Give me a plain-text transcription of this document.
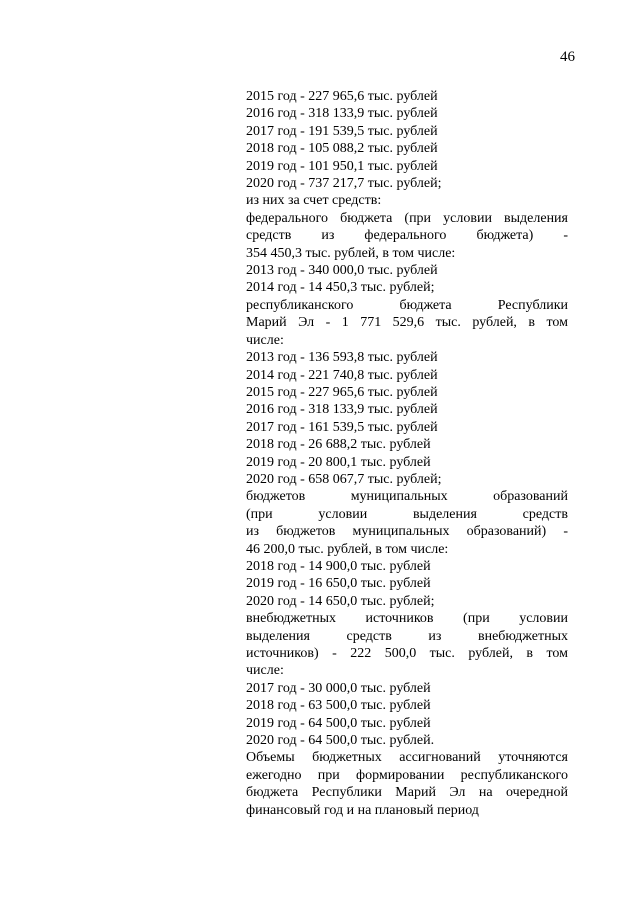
46
2015 год - 227 965,6 тыс. рублей
2016 год - 318 133,9 тыс. рублей
2017 год - 191 539,5 тыс. рублей
2018 год - 105 088,2 тыс. рублей
2019 год - 101 950,1 тыс. рублей
2020 год - 737 217,7 тыс. рублей;
из них за счет средств:
федерального бюджета (при условии выделения
средств из федерального бюджета) -
354 450,3 тыс. рублей, в том числе:
2013 год - 340 000,0 тыс. рублей
2014 год - 14 450,3 тыс. рублей;
республиканского бюджета Республики
Марий Эл - 1 771 529,6 тыс. рублей, в том
числе:
2013 год - 136 593,8 тыс. рублей
2014 год - 221 740,8 тыс. рублей
2015 год - 227 965,6 тыс. рублей
2016 год - 318 133,9 тыс. рублей
2017 год - 161 539,5 тыс. рублей
2018 год - 26 688,2 тыс. рублей
2019 год - 20 800,1 тыс. рублей
2020 год - 658 067,7 тыс. рублей;
бюджетов муниципальных образований
(при условии выделения средств
из бюджетов муниципальных образований) -
46 200,0 тыс. рублей, в том числе:
2018 год - 14 900,0 тыс. рублей
2019 год - 16 650,0 тыс. рублей
2020 год - 14 650,0 тыс. рублей;
внебюджетных источников (при условии
выделения средств из внебюджетных
источников) - 222 500,0 тыс. рублей, в том
числе:
2017 год - 30 000,0 тыс. рублей
2018 год - 63 500,0 тыс. рублей
2019 год - 64 500,0 тыс. рублей
2020 год - 64 500,0 тыс. рублей.
Объемы бюджетных ассигнований уточняются
ежегодно при формировании республиканского
бюджета Республики Марий Эл на очередной
финансовый год и на плановый период
